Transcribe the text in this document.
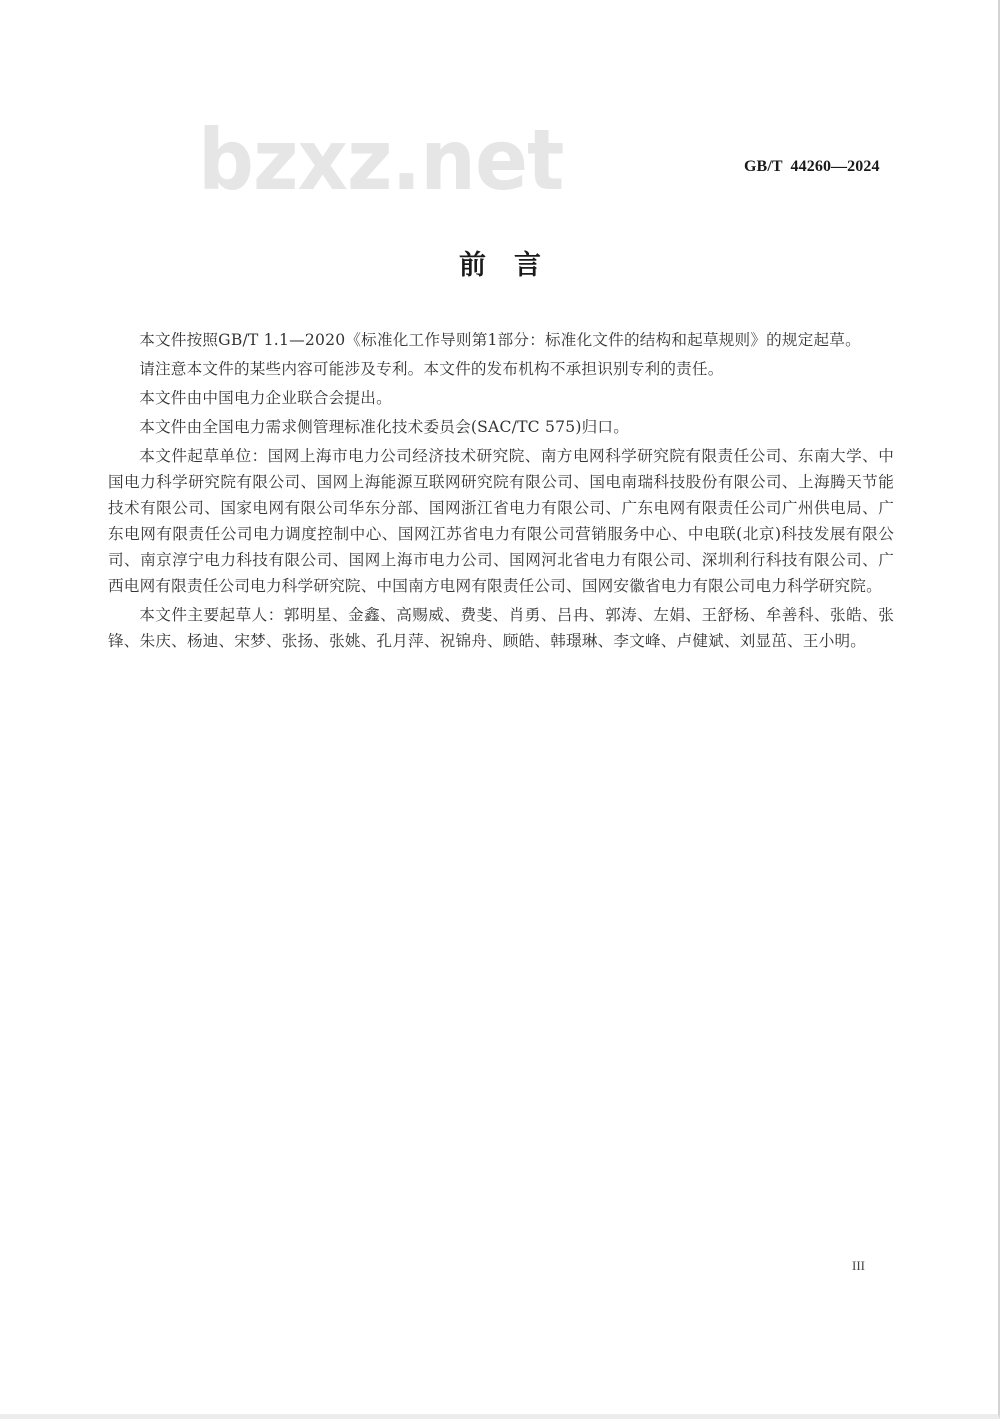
bzxz.net	GB/T  44260—2024
前言

本文件按照GB/T 1.1—2020《标准化工作导则第1部分：标准化文件的结构和起草规则》的规定起草。

请注意本文件的某些内容可能涉及专利。本文件的发布机构不承担识别专利的责任。

本文件由中国电力企业联合会提出。

本文件由全国电力需求侧管理标准化技术委员会(SAC/TC 575)归口。

本文件起草单位：国网上海市电力公司经济技术研究院、南方电网科学研究院有限责任公司、东南大学、中国电力科学研究院有限公司、国网上海能源互联网研究院有限公司、国电南瑞科技股份有限公司、上海腾天节能技术有限公司、国家电网有限公司华东分部、国网浙江省电力有限公司、广东电网有限责任公司广州供电局、广东电网有限责任公司电力调度控制中心、国网江苏省电力有限公司营销服务中心、中电联(北京)科技发展有限公司、南京淳宁电力科技有限公司、国网上海市电力公司、国网河北省电力有限公司、深圳利行科技有限公司、广西电网有限责任公司电力科学研究院、中国南方电网有限责任公司、国网安徽省电力有限公司电力科学研究院。

本文件主要起草人：郭明星、金鑫、高赐威、费斐、肖勇、吕冉、郭涛、左娟、王舒杨、牟善科、张皓、张锋、朱庆、杨迪、宋梦、张扬、张姚、孔月萍、祝锦舟、顾皓、韩璟琳、李文峰、卢健斌、刘显茁、王小明。

III
